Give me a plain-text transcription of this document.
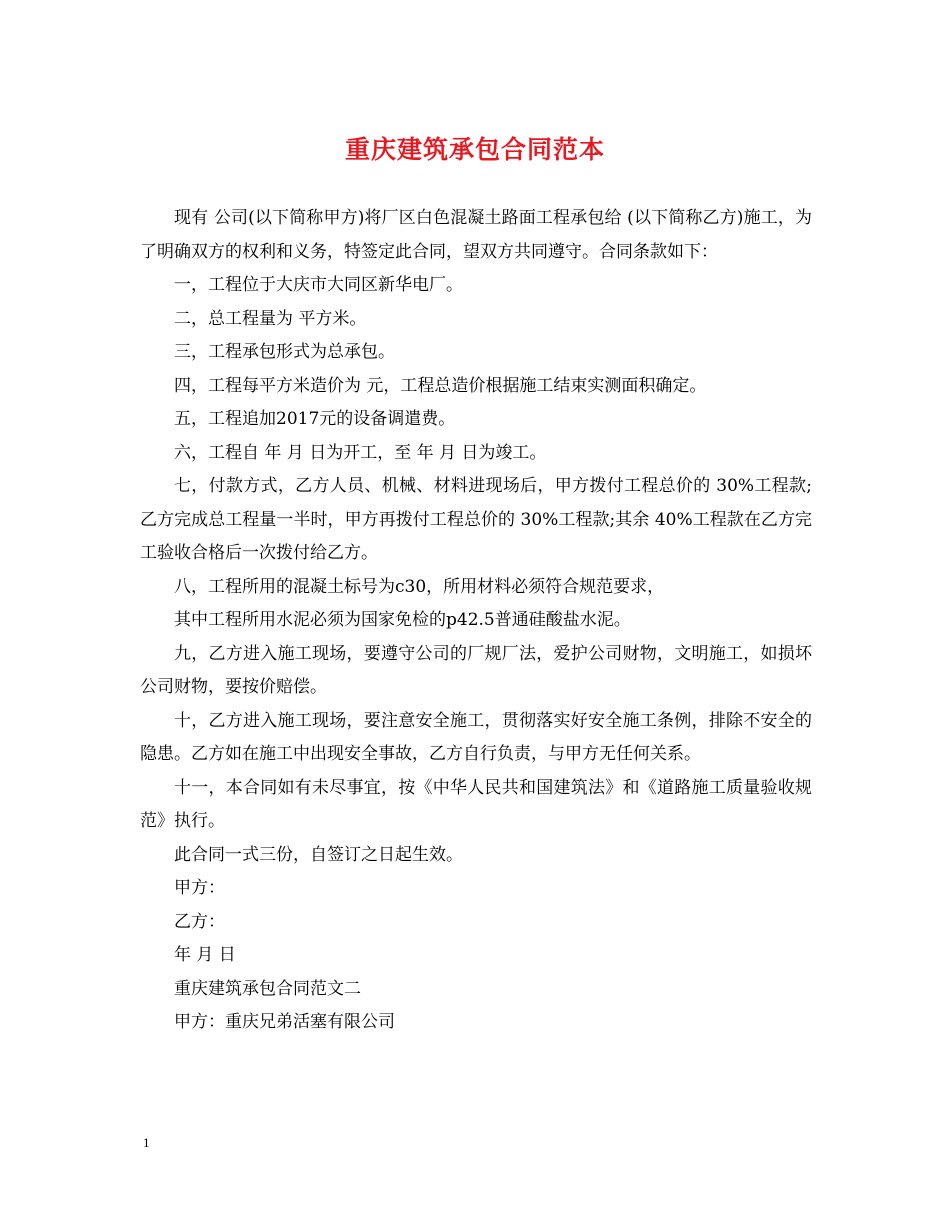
重庆建筑承包合同范本

现有 公司(以下简称甲方)将厂区白色混凝土路面工程承包给 (以下简称乙方)施工，为了明确双方的权利和义务，特签定此合同，望双方共同遵守。合同条款如下：

一，工程位于大庆市大同区新华电厂。

二，总工程量为 平方米。

三，工程承包形式为总承包。

四，工程每平方米造价为 元，工程总造价根据施工结束实测面积确定。

五，工程追加2017元的设备调遣费。

六，工程自 年 月 日为开工，至 年 月 日为竣工。

七，付款方式，乙方人员、机械、材料进现场后，甲方拨付工程总价的 30%工程款;乙方完成总工程量一半时，甲方再拨付工程总价的 30%工程款;其余 40%工程款在乙方完工验收合格后一次拨付给乙方。

八，工程所用的混凝土标号为c30，所用材料必须符合规范要求，

其中工程所用水泥必须为国家免检的p42.5普通硅酸盐水泥。

九，乙方进入施工现场，要遵守公司的厂规厂法，爱护公司财物，文明施工，如损坏公司财物，要按价赔偿。

十，乙方进入施工现场，要注意安全施工，贯彻落实好安全施工条例，排除不安全的隐患。乙方如在施工中出现安全事故，乙方自行负责，与甲方无任何关系。

十一，本合同如有未尽事宜，按《中华人民共和国建筑法》和《道路施工质量验收规范》执行。

此合同一式三份，自签订之日起生效。

甲方：

乙方：

年 月 日

重庆建筑承包合同范文二

甲方：重庆兄弟活塞有限公司

1
